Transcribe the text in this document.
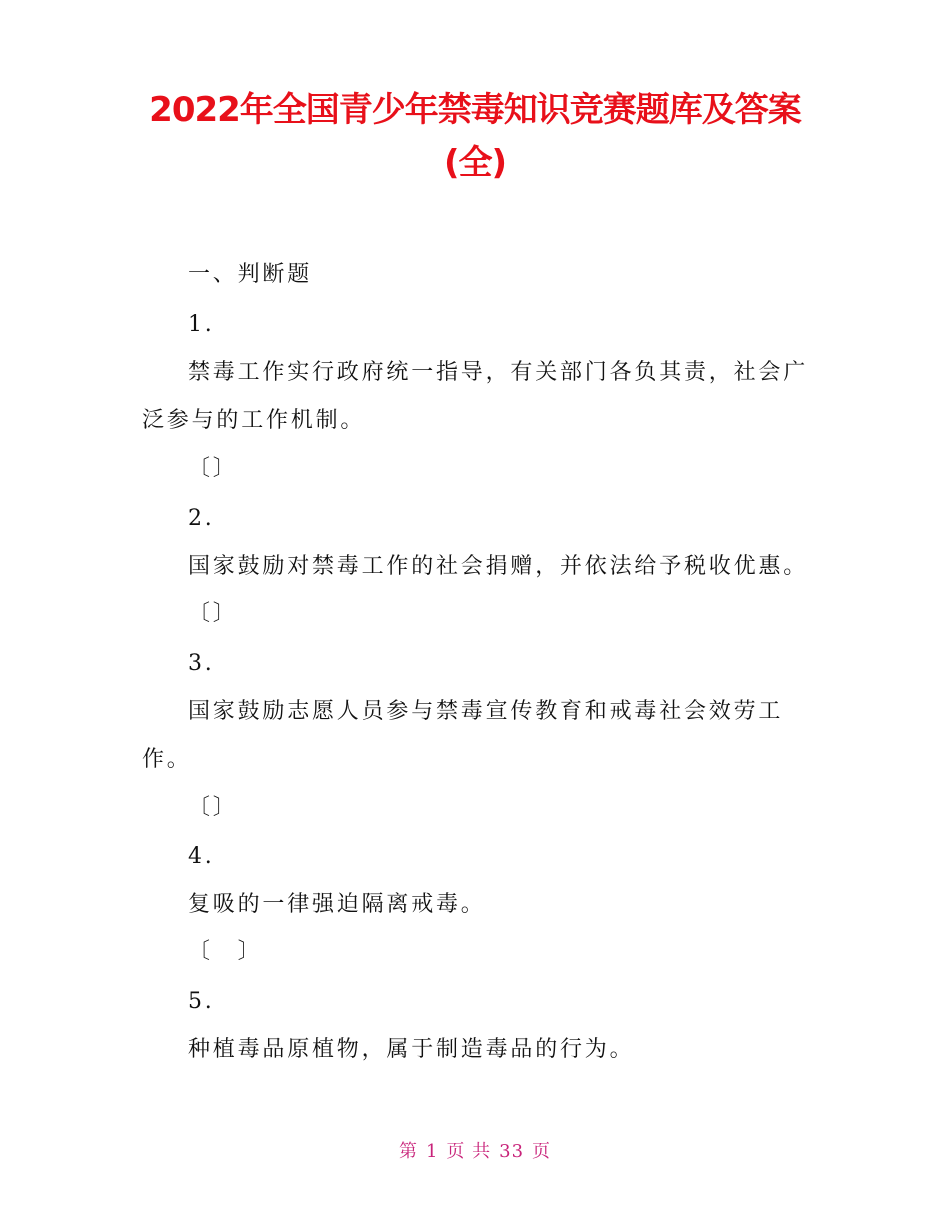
2022年全国青少年禁毒知识竞赛题库及答案
(全)
一、判断题
1.
禁毒工作实行政府统一指导，有关部门各负其责，社会广
泛参与的工作机制。
〔〕
2.
国家鼓励对禁毒工作的社会捐赠，并依法给予税收优惠。
〔〕
3.
国家鼓励志愿人员参与禁毒宣传教育和戒毒社会效劳工
作。
〔〕
4.
复吸的一律强迫隔离戒毒。
〔　〕
5.
种植毒品原植物，属于制造毒品的行为。
第 1 页 共 33 页
